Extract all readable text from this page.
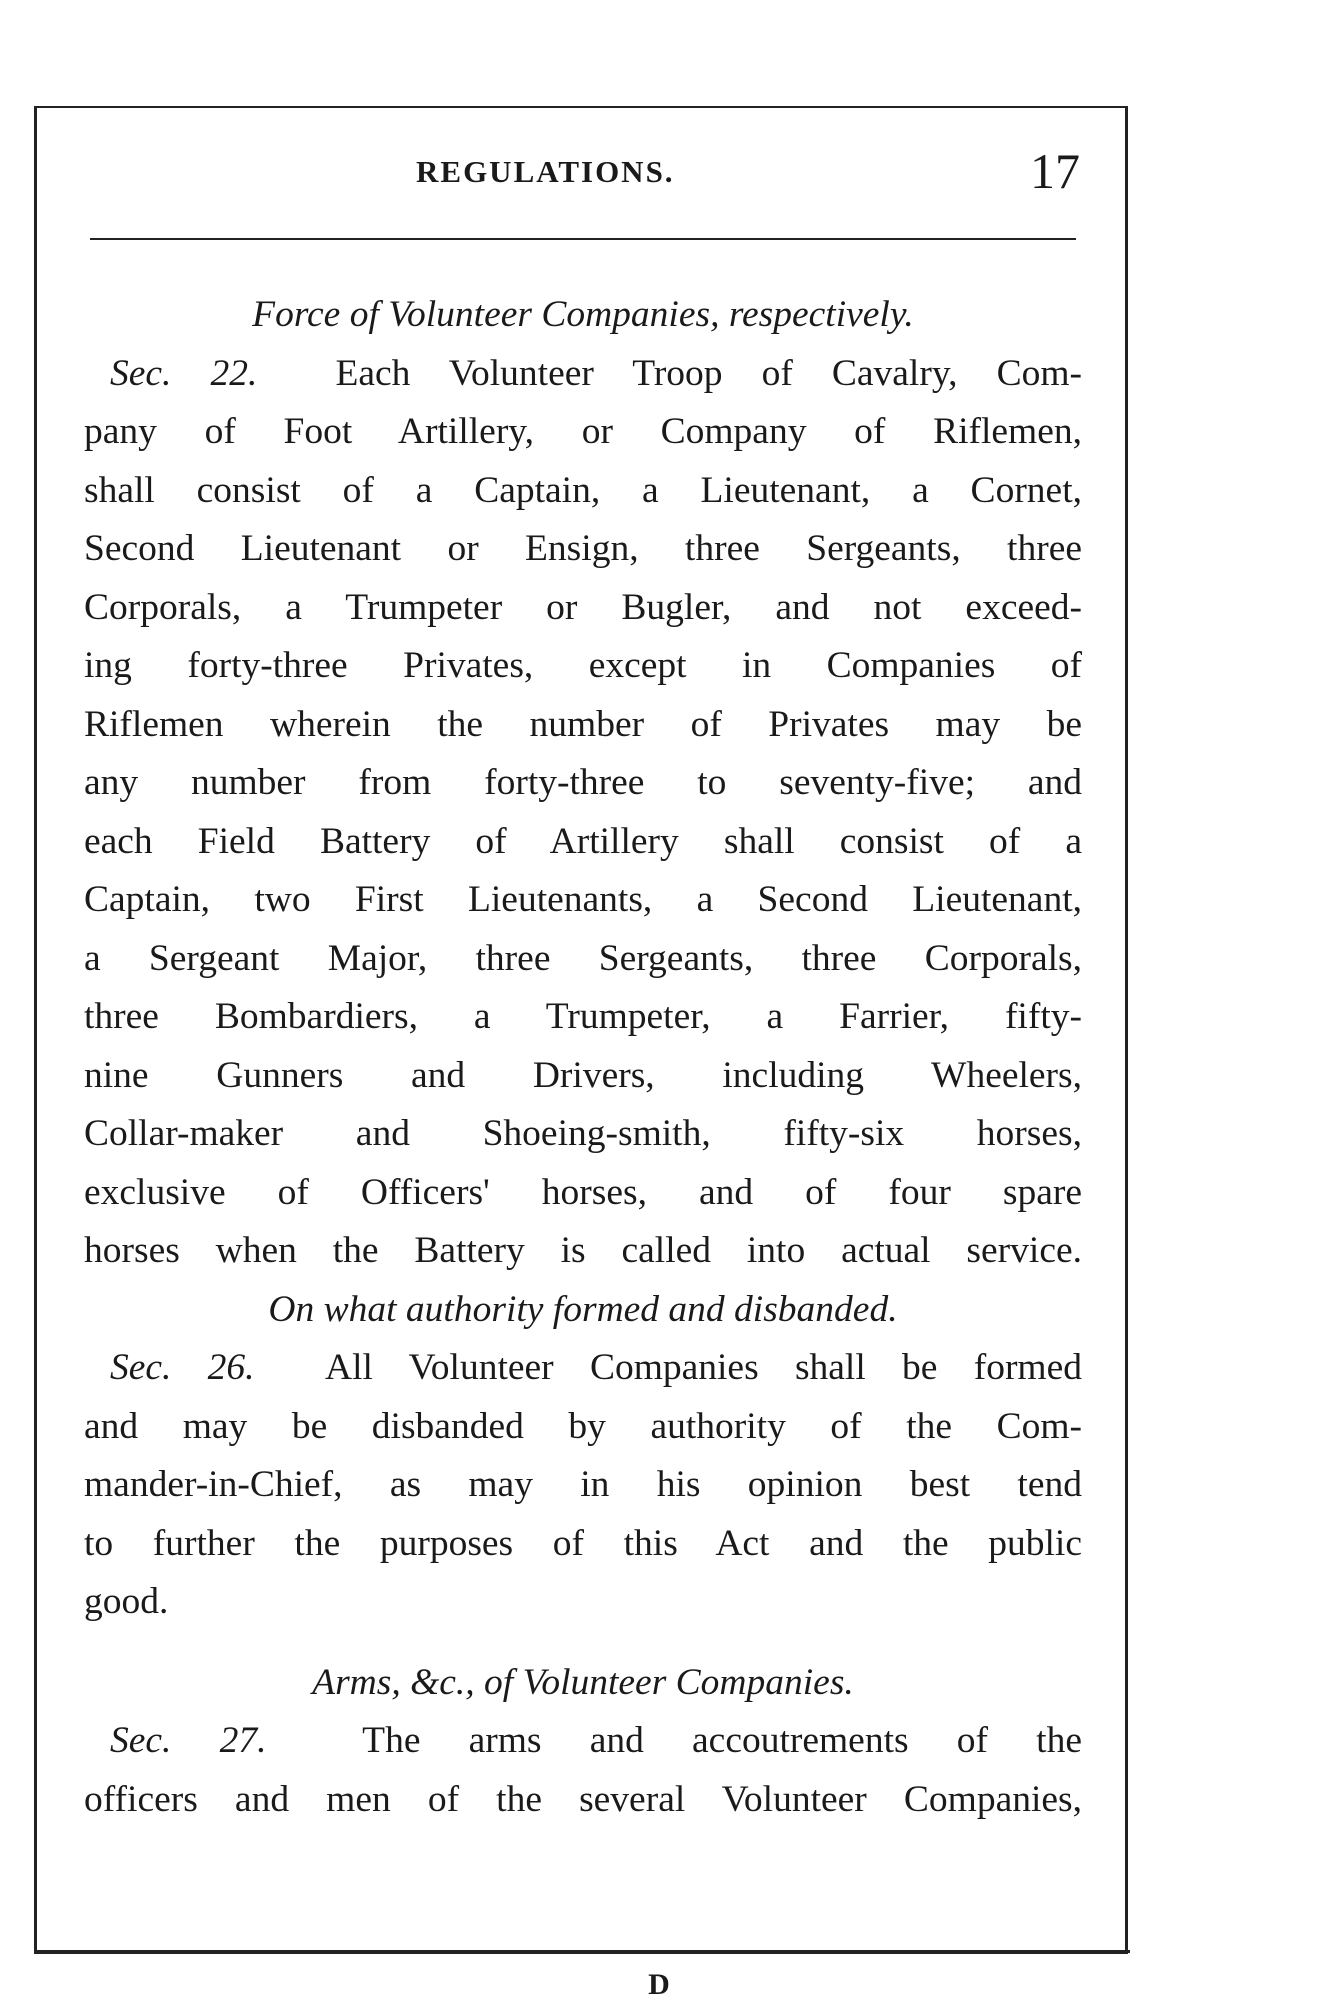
REGULATIONS.	17
Force of Volunteer Companies, respectively.
Sec. 22. Each Volunteer Troop of Cavalry, Com-
pany of Foot Artillery, or Company of Riflemen,
shall consist of a Captain, a Lieutenant, a Cornet,
Second Lieutenant or Ensign, three Sergeants, three
Corporals, a Trumpeter or Bugler, and not exceed-
ing forty-three Privates, except in Companies of
Riflemen wherein the number of Privates may be
any number from forty-three to seventy-five; and
each Field Battery of Artillery shall consist of a
Captain, two First Lieutenants, a Second Lieutenant,
a Sergeant Major, three Sergeants, three Corporals,
three Bombardiers, a Trumpeter, a Farrier, fifty-
nine Gunners and Drivers, including Wheelers,
Collar-maker and Shoeing-smith, fifty-six horses,
exclusive of Officers' horses, and of four spare
horses when the Battery is called into actual service.
On what authority formed and disbanded.
Sec. 26. All Volunteer Companies shall be formed
and may be disbanded by authority of the Com-
mander-in-Chief, as may in his opinion best tend
to further the purposes of this Act and the public
good.
Arms, &c., of Volunteer Companies.
Sec. 27.	The arms and accoutrements of the
officers and men of the several Volunteer Companies,
D
